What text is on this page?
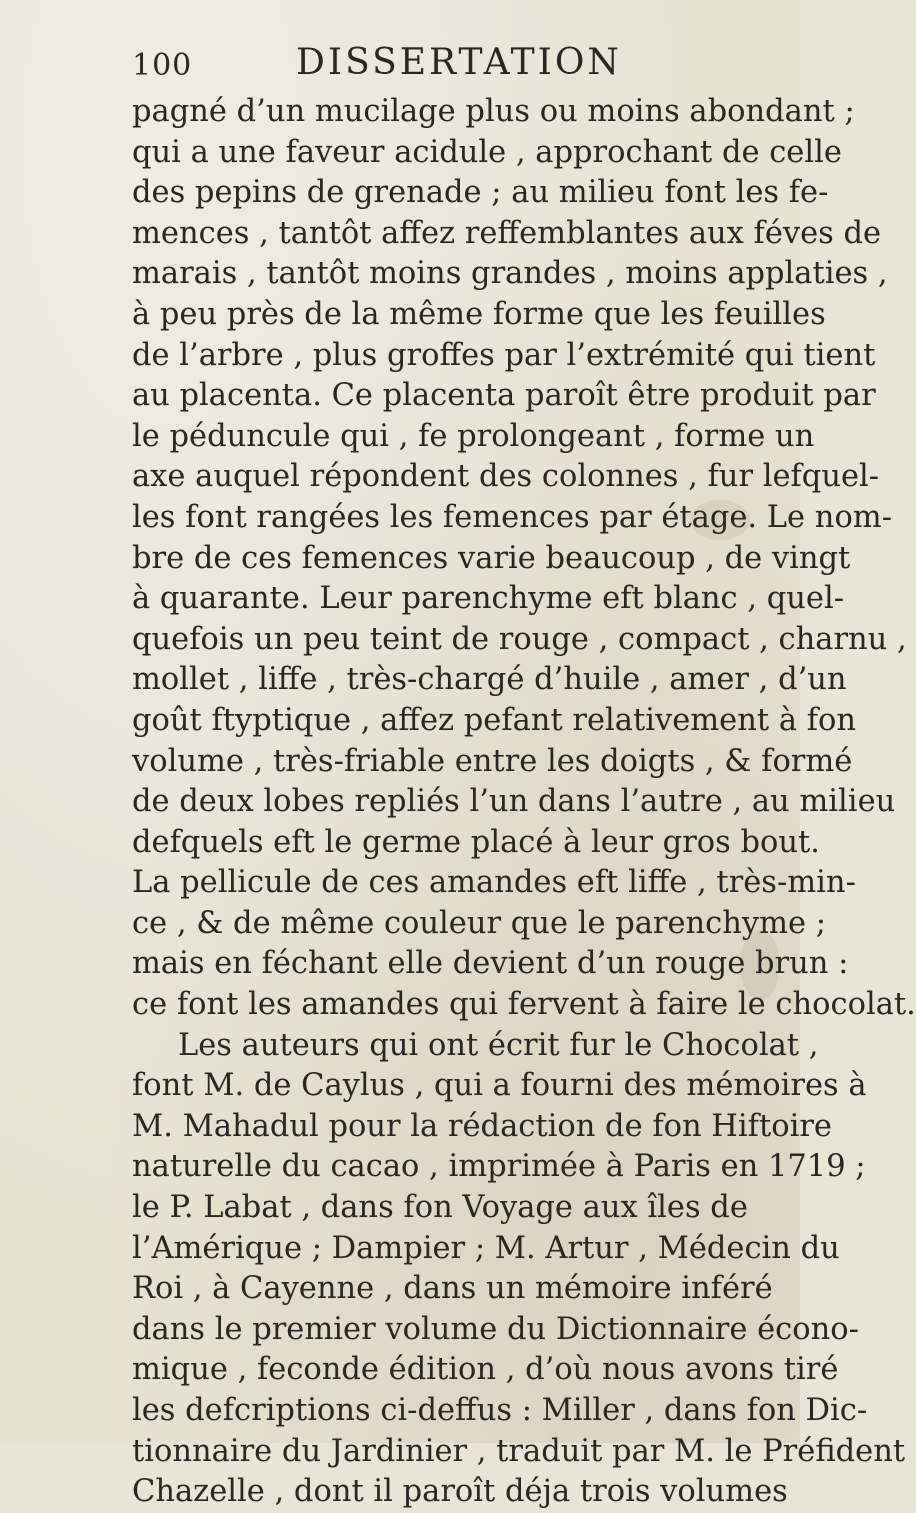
100	DISSERTATION
pagné d’un mucilage plus ou moins abondant ;
qui a une faveur acidule , approchant de celle
des pepins de grenade ; au milieu font les fe-
mences , tantôt affez reffemblantes aux féves de
marais , tantôt moins grandes , moins applaties ,
à peu près de la même forme que les feuilles
de l’arbre , plus groffes par l’extrémité qui tient
au placenta. Ce placenta paroît être produit par
le péduncule qui , fe prolongeant , forme un
axe auquel répondent des colonnes , fur lefquel-
les font rangées les femences par étage. Le nom-
bre de ces femences varie beaucoup , de vingt
à quarante. Leur parenchyme eft blanc , quel-
quefois un peu teint de rouge , compact , charnu ,
mollet , liffe , très-chargé d’huile , amer , d’un
goût ftyptique , affez pefant relativement à fon
volume , très-friable entre les doigts , & formé
de deux lobes repliés l’un dans l’autre , au milieu
defquels eft le germe placé à leur gros bout.
La pellicule de ces amandes eft liffe , très-min-
ce , & de même couleur que le parenchyme ;
mais en féchant elle devient d’un rouge brun :
ce font les amandes qui fervent à faire le chocolat.
Les auteurs qui ont écrit fur le Chocolat ,
font M. de Caylus , qui a fourni des mémoires à
M. Mahadul pour la rédaction de fon Hiftoire
naturelle du cacao , imprimée à Paris en 1719 ;
le P. Labat , dans fon Voyage aux îles de
l’Amérique ; Dampier ; M. Artur , Médecin du
Roi , à Cayenne , dans un mémoire inféré
dans le premier volume du Dictionnaire écono-
mique , feconde édition , d’où nous avons tiré
les defcriptions ci-deffus : Miller , dans fon Dic-
tionnaire du Jardinier , traduit par M. le Préfident
Chazelle , dont il paroît déja trois volumes
